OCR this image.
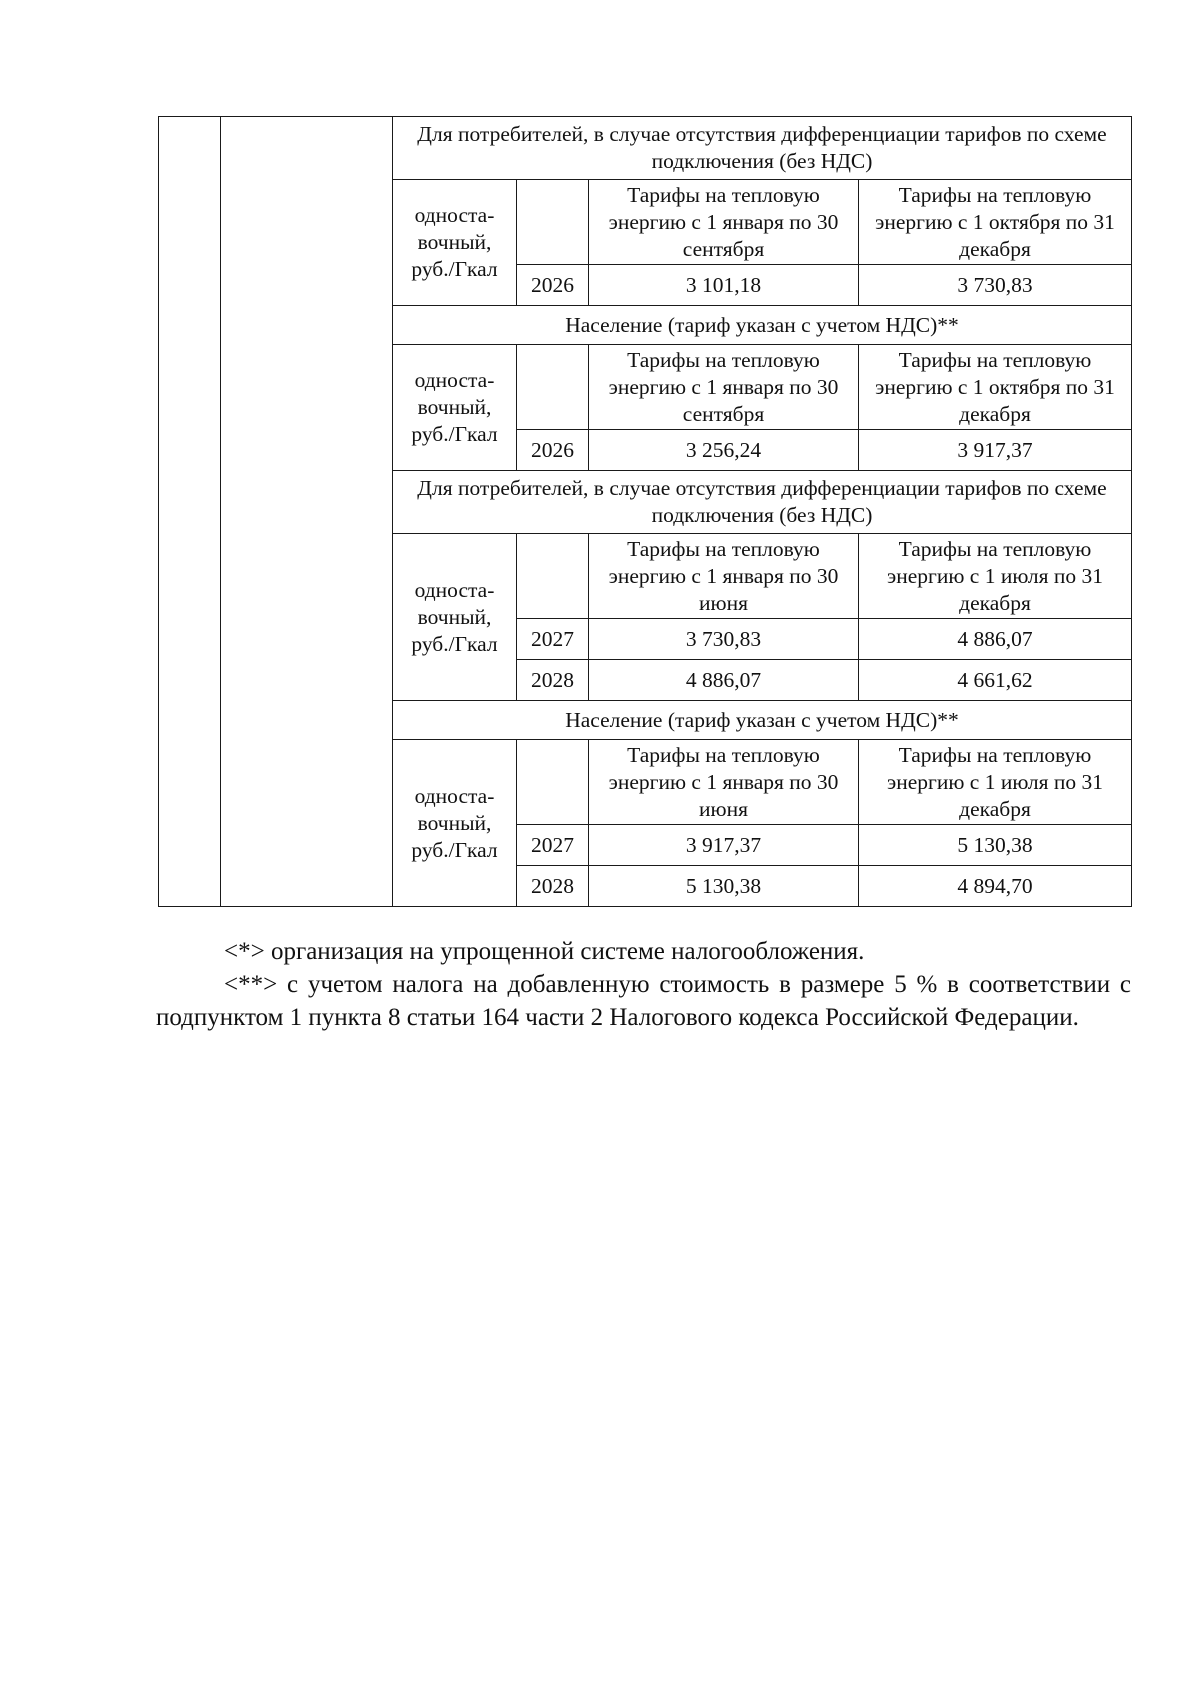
		Для потребителей, в случае отсутствия дифференциации тарифов по схеме подключения (без НДС)			
		односта-вочный, руб./Гкал		Тарифы на тепловую энергию с 1 января по 30 сентября	Тарифы на тепловую энергию с 1 октября по 31 декабря
			2026	3 101,18	3 730,83
		Население (тариф указан с учетом НДС)**			
		односта-вочный, руб./Гкал		Тарифы на тепловую энергию с 1 января по 30 сентября	Тарифы на тепловую энергию с 1 октября по 31 декабря
			2026	3 256,24	3 917,37
		Для потребителей, в случае отсутствия дифференциации тарифов по схеме подключения (без НДС)			
		односта-вочный, руб./Гкал		Тарифы на тепловую энергию с 1 января по 30 июня	Тарифы на тепловую энергию с 1 июля по 31 декабря
			2027	3 730,83	4 886,07
			2028	4 886,07	4 661,62
		Население (тариф указан с учетом НДС)**			
		односта-вочный, руб./Гкал		Тарифы на тепловую энергию с 1 января по 30 июня	Тарифы на тепловую энергию с 1 июля по 31 декабря
			2027	3 917,37	5 130,38
			2028	5 130,38	4 894,70
<*> организация на упрощенной системе налогообложения.
<**> с учетом налога на добавленную стоимость в размере 5 % в соответствии с подпунктом 1 пункта 8 статьи 164 части 2 Налогового кодекса Российской Федерации.
